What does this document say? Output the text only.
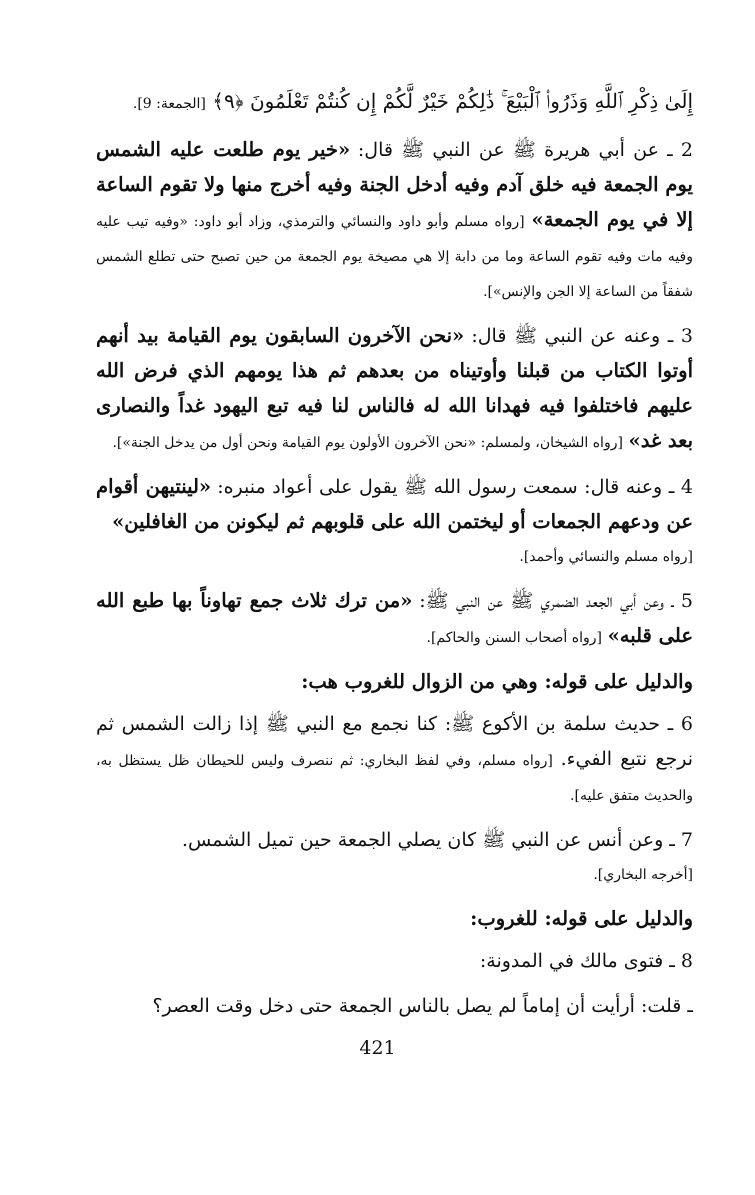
إِلَىٰ ذِكْرِ ٱللَّهِ وَذَرُوا۟ ٱلْبَيْعَ ۚ ذَٰلِكُمْ خَيْرٌ لَّكُمْ إِن كُنتُمْ تَعْلَمُونَ ﴿٩﴾ [الجمعة: 9].
2 ـ عن أبي هريرة ﷺ عن النبي ﷺ قال: «خير يوم طلعت عليه الشمس يوم الجمعة فيه خلق آدم وفيه أدخل الجنة وفيه أخرج منها ولا تقوم الساعة إلا في يوم الجمعة» [رواه مسلم وأبو داود والنسائي والترمذي، وزاد أبو داود: «وفيه تيب عليه وفيه مات وفيه تقوم الساعة وما من دابة إلا هي مصيخة يوم الجمعة من حين تصبح حتى تطلع الشمس شفقاً من الساعة إلا الجن والإنس»].
3 ـ وعنه عن النبي ﷺ قال: «نحن الآخرون السابقون يوم القيامة بيد أنهم أوتوا الكتاب من قبلنا وأوتيناه من بعدهم ثم هذا يومهم الذي فرض الله عليهم فاختلفوا فيه فهدانا الله له فالناس لنا فيه تبع اليهود غداً والنصارى بعد غد» [رواه الشيخان، ولمسلم: «نحن الآخرون الأولون يوم القيامة ونحن أول من يدخل الجنة»].
4 ـ وعنه قال: سمعت رسول الله ﷺ يقول على أعواد منبره: «لينتيهن أقوام عن ودعهم الجمعات أو ليختمن الله على قلوبهم ثم ليكونن من الغافلين»
[رواه مسلم والنسائي وأحمد].
5 ـ وعن أبي الجعد الضمري ﷺ عن النبي ﷺ: «من ترك ثلاث جمع تهاوناً بها طبع الله على قلبه» [رواه أصحاب السنن والحاكم].
والدليل على قوله: وهي من الزوال للغروب هب:
6 ـ حديث سلمة بن الأكوع ﷺ: كنا نجمع مع النبي ﷺ إذا زالت الشمس ثم نرجع نتبع الفيء. [رواه مسلم، وفي لفظ البخاري: ثم ننصرف وليس للحيطان ظل يستظل به، والحديث متفق عليه].
7 ـ وعن أنس عن النبي ﷺ كان يصلي الجمعة حين تميل الشمس.
[أخرجه البخاري].
والدليل على قوله: للغروب:
8 ـ فتوى مالك في المدونة:
ـ قلت: أرأيت أن إماماً لم يصل بالناس الجمعة حتى دخل وقت العصر؟
421
